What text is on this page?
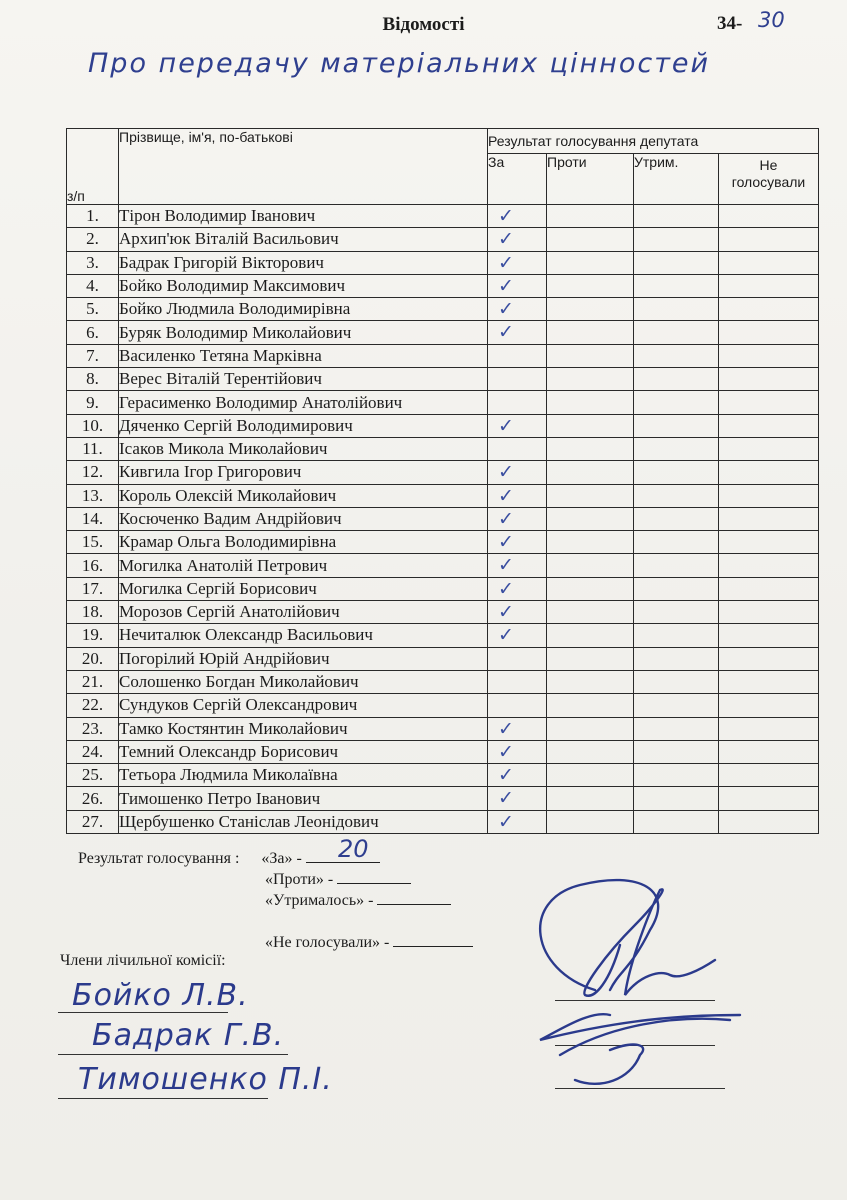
Відомості	34- 30
Про передачу матеріальних цінностей
з/п	Прізвище, ім'я, по-батькові	Результат голосування депутата			
		За	Проти	Утрим.	Не голосували
1.	Тірон Володимир Іванович	✓			

2.	Архип'юк Віталій Васильович	✓			

3.	Бадрак Григорій Вікторович	✓			

4.	Бойко Володимир Максимович	✓			

5.	Бойко Людмила Володимирівна	✓			

6.	Буряк Володимир Миколайович	✓			

7.	Василенко Тетяна Марківна				
8.	Верес Віталій Терентійович				
9.	Герасименко Володимир Анатолійович				
10.	Дяченко Сергій Володимирович	✓			

11.	Ісаков Микола Миколайович				
12.	Кивгила Ігор Григорович	✓			

13.	Король Олексій Миколайович	✓			

14.	Косюченко Вадим Андрійович	✓			

15.	Крамар Ольга Володимирівна	✓			

16.	Могилка Анатолій Петрович	✓			

17.	Могилка Сергій Борисович	✓			

18.	Морозов Сергій Анатолійович	✓			

19.	Нечиталюк Олександр Васильович	✓			

20.	Погорілий Юрій Андрійович				
21.	Солошенко Богдан Миколайович				
22.	Сундуков Сергій Олександрович				
23.	Тамко Костянтин Миколайович	✓			

24.	Темний Олександр Борисович	✓			

25.	Тетьора Людмила Миколаївна	✓			

26.	Тимошенко Петро Іванович	✓			

27.	Щербушенко Станіслав Леонідович	✓			

Результат голосування : «За» -	20
«Проти» -
«Утрималось» -
«Не голосували» -
Члени лічильної комісії:
Бойко Л.В.
Бадрак Г.В.
Тимошенко П.І.
